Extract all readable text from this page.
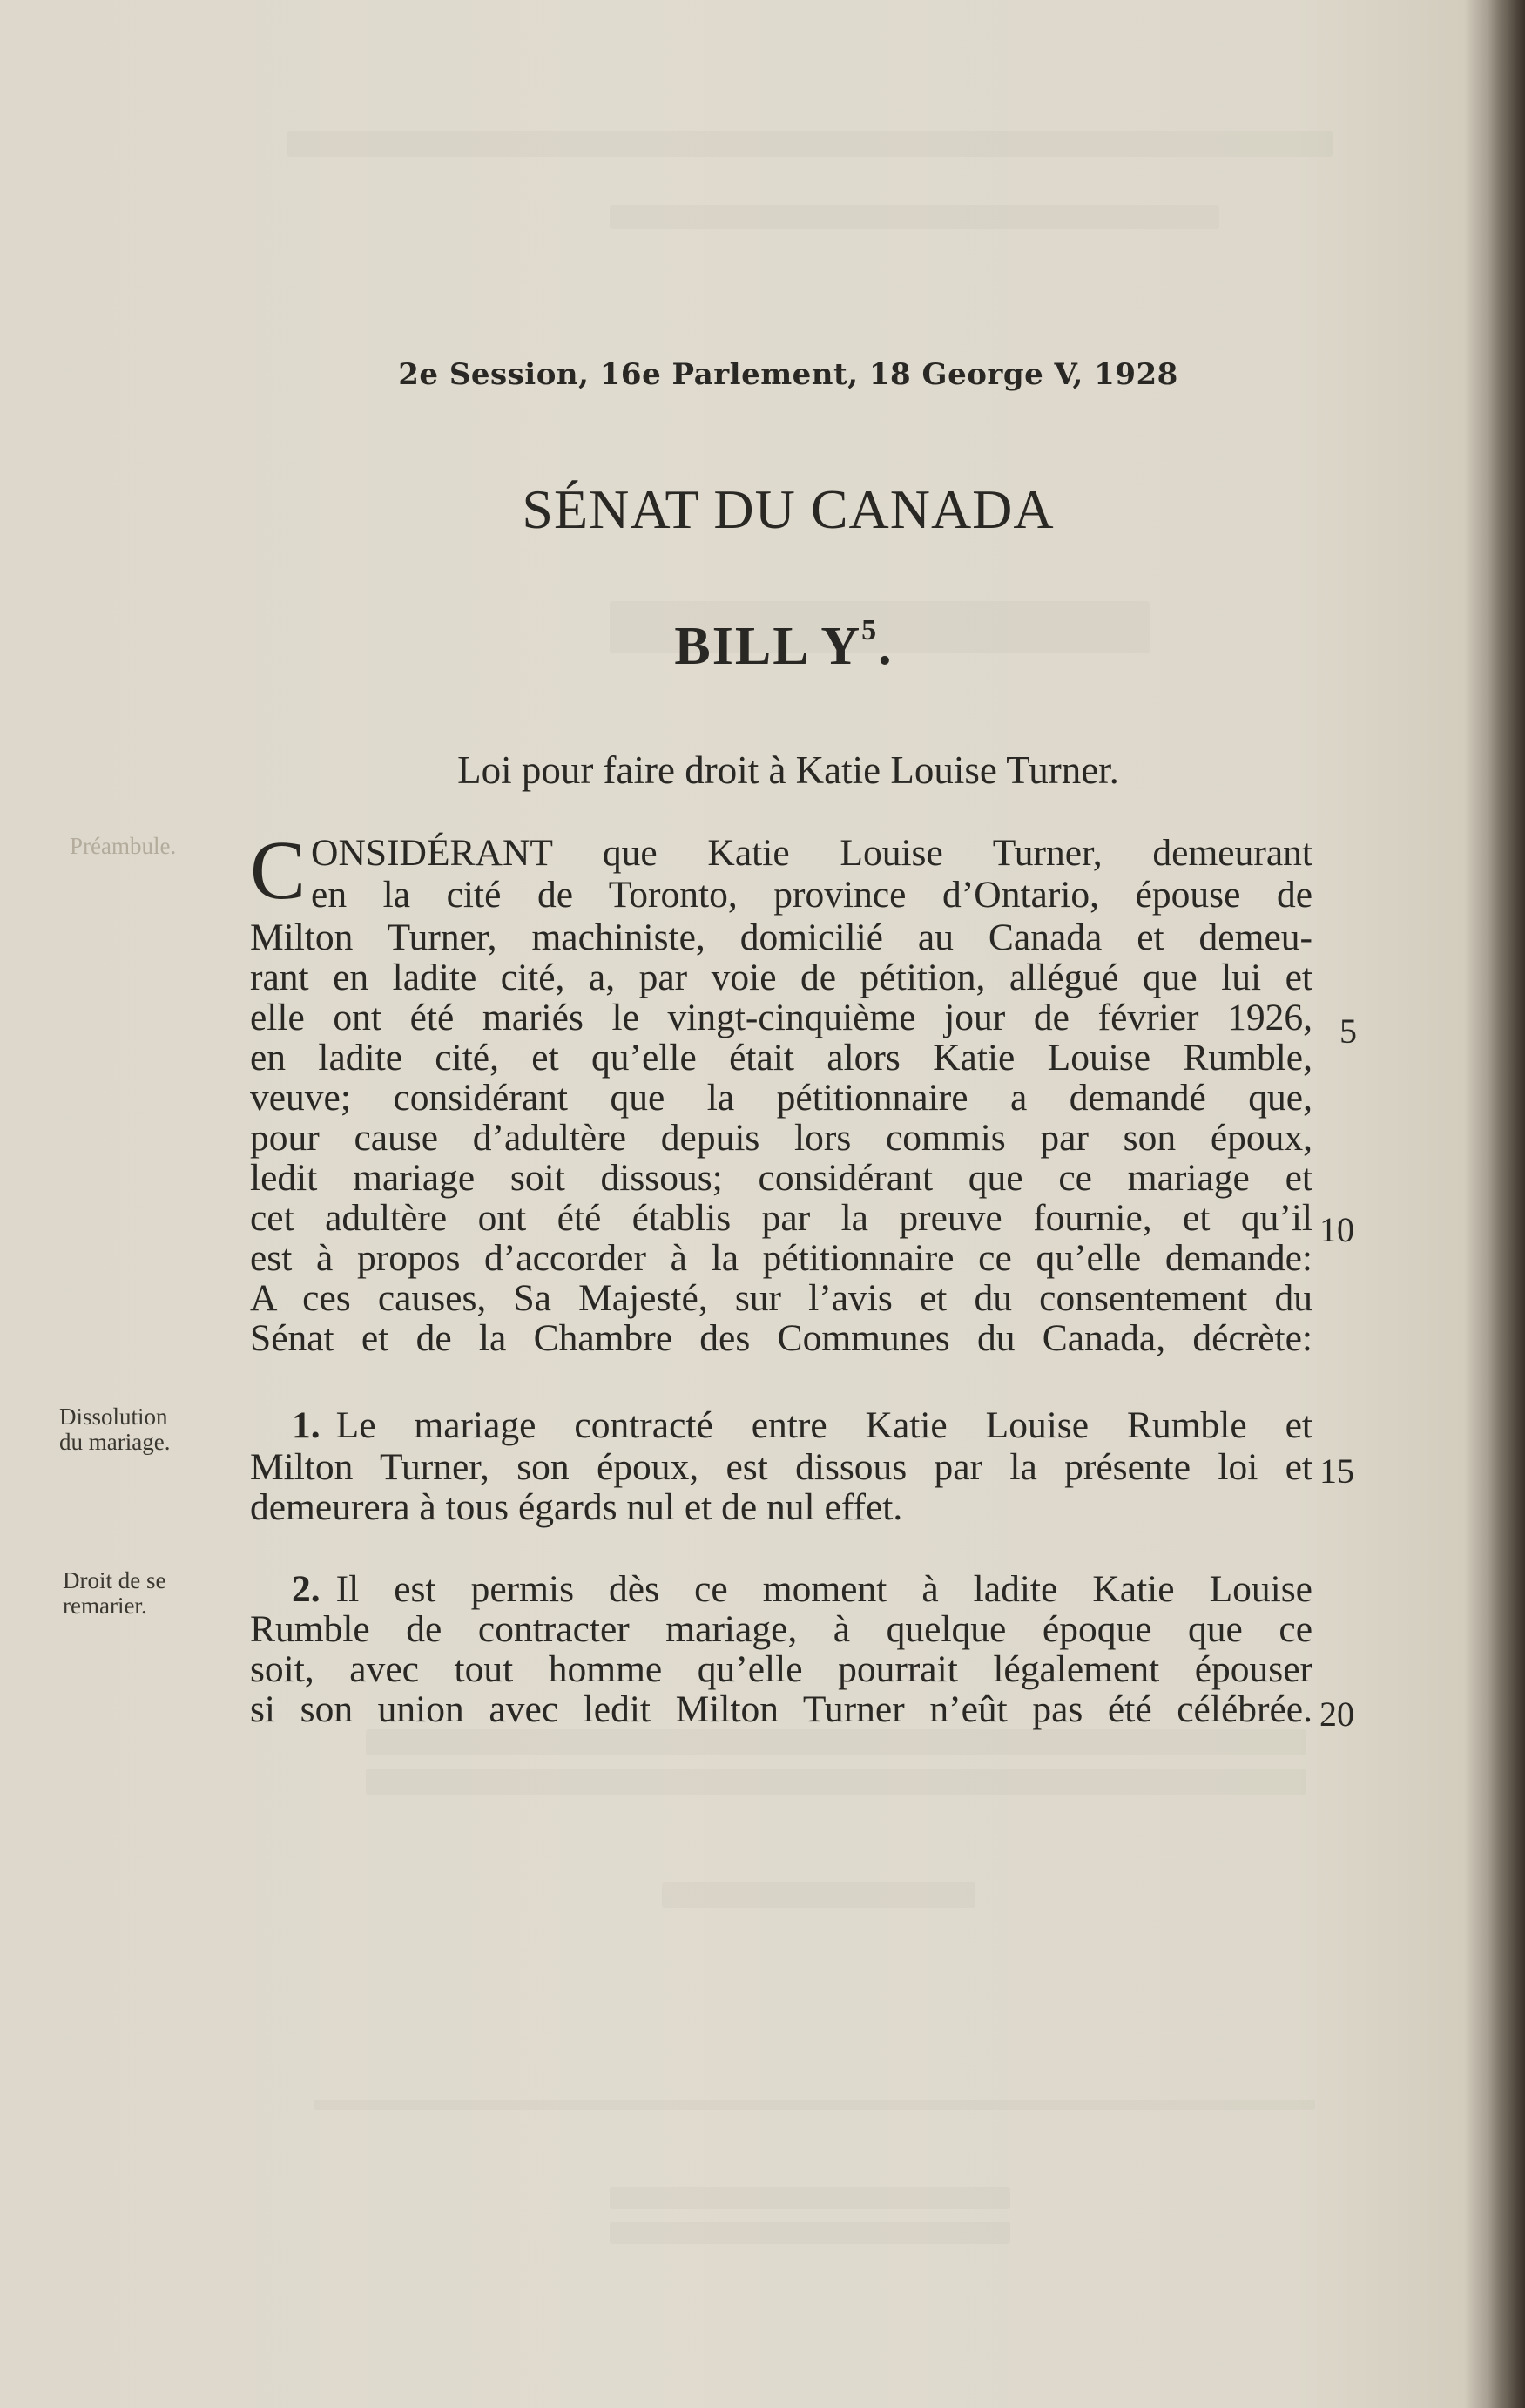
2e Session, 16e Parlement, 18 George V, 1928
SÉNAT DU CANADA
BILL $Y^5$.
Loi pour faire droit à Katie Louise Turner.
Préambule.
Dissolution
du mariage.
Droit de se
remarier.
C ONSIDÉRANT que Katie Louise Turner, demeurant
en la cité de Toronto, province d’Ontario, épouse de
Milton Turner, machiniste, domicilié au Canada et demeu-
rant en ladite cité, a, par voie de pétition, allégué que lui et
elle ont été mariés le vingt-cinquième jour de février 1926,
en ladite cité, et qu’elle était alors Katie Louise Rumble,
veuve; considérant que la pétitionnaire a demandé que,
pour cause d’adultère depuis lors commis par son époux,
ledit mariage soit dissous; considérant que ce mariage et
cet adultère ont été établis par la preuve fournie, et qu’il
est à propos d’accorder à la pétitionnaire ce qu’elle demande:
A ces causes, Sa Majesté, sur l’avis et du consentement du
Sénat et de la Chambre des Communes du Canada, décrète:
1. Le mariage contracté entre Katie Louise Rumble et
Milton Turner, son époux, est dissous par la présente loi et
demeurera à tous égards nul et de nul effet.
2. Il est permis dès ce moment à ladite Katie Louise
Rumble de contracter mariage, à quelque époque que ce
soit, avec tout homme qu’elle pourrait légalement épouser
si son union avec ledit Milton Turner n’eût pas été célébrée.
5
10
15
20
